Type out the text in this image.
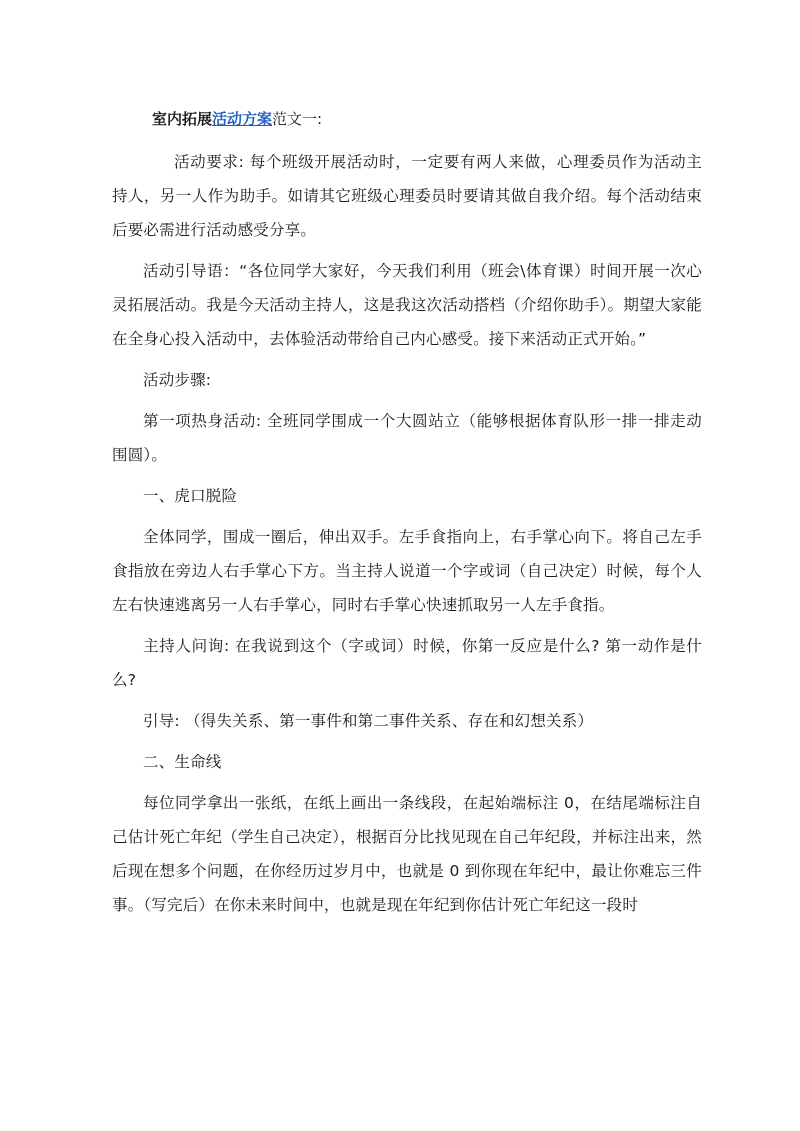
室内拓展活动方案范文一:

活动要求: 每个班级开展活动时，一定要有两人来做，心理委员作为活动主持人，另一人作为助手。如请其它班级心理委员时要请其做自我介绍。每个活动结束后要必需进行活动感受分享。

活动引导语：“各位同学大家好，今天我们利用（班会\体育课）时间开展一次心灵拓展活动。我是今天活动主持人，这是我这次活动搭档（介绍你助手）。期望大家能在全身心投入活动中，去体验活动带给自己内心感受。接下来活动正式开始。”

活动步骤:

第一项热身活动: 全班同学围成一个大圆站立（能够根据体育队形一排一排走动围圆）。

一、虎口脱险

全体同学，围成一圈后，伸出双手。左手食指向上，右手掌心向下。将自己左手食指放在旁边人右手掌心下方。当主持人说道一个字或词（自己决定）时候，每个人左右快速逃离另一人右手掌心，同时右手掌心快速抓取另一人左手食指。

主持人问询: 在我说到这个（字或词）时候，你第一反应是什么? 第一动作是什么?

引导: （得失关系、第一事件和第二事件关系、存在和幻想关系）

二、生命线

每位同学拿出一张纸，在纸上画出一条线段，在起始端标注 0，在结尾端标注自己估计死亡年纪（学生自己决定），根据百分比找见现在自己年纪段，并标注出来，然后现在想多个问题，在你经历过岁月中，也就是 0 到你现在年纪中，最让你难忘三件事。（写完后）在你未来时间中，也就是现在年纪到你估计死亡年纪这一段时
